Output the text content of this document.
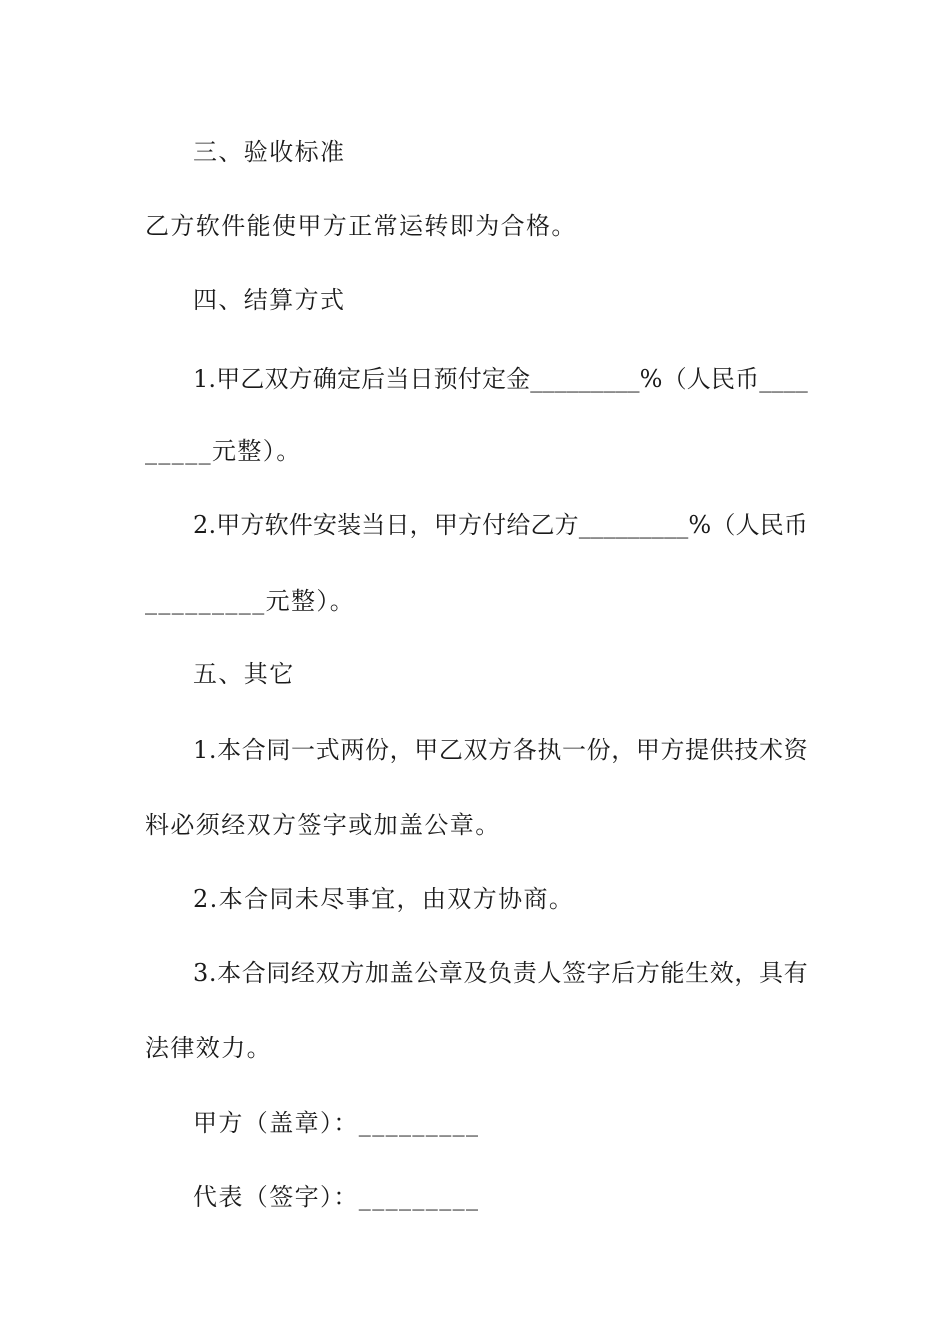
三、验收标准
乙方软件能使甲方正常运转即为合格。
四、结算方式
1.甲乙双方确定后当日预付定金_________%（人民币____
_____元整）。
2.甲方软件安装当日，甲方付给乙方_________%（人民币
_________元整）。
五、其它
1.本合同一式两份，甲乙双方各执一份，甲方提供技术资
料必须经双方签字或加盖公章。
2.本合同未尽事宜，由双方协商。
3.本合同经双方加盖公章及负责人签字后方能生效，具有
法律效力。
甲方（盖章）：_________
代表（签字）：_________
